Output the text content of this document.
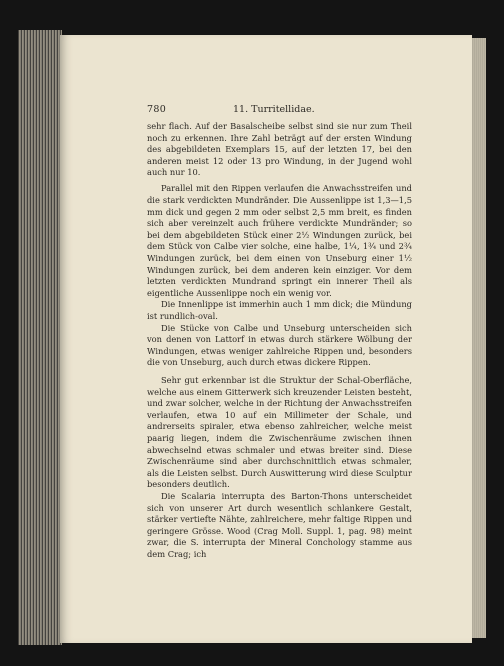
780	11. Turritellidae.

sehr flach. Auf der Basalscheibe selbst sind sie nur zum Theil noch zu erkennen. Ihre Zahl beträgt auf der ersten Windung des abgebildeten Exemplars 15, auf der letzten 17, bei den anderen meist 12 oder 13 pro Windung, in der Jugend wohl auch nur 10.

Parallel mit den Rippen verlaufen die Anwachsstreifen und die stark verdickten Mundränder. Die Aussenlippe ist 1,3—1,5 mm dick und gegen 2 mm oder selbst 2,5 mm breit, es finden sich aber vereinzelt auch frühere verdickte Mundränder; so bei dem abgebildeten Stück einer 2½ Windungen zurück, bei dem Stück von Calbe vier solche, eine halbe, 1¼, 1¾ und 2¾ Windungen zurück, bei dem einen von Unseburg einer 1½ Windungen zurück, bei dem anderen kein einziger. Vor dem letzten verdickten Mundrand springt ein innerer Theil als eigentliche Aussenlippe noch ein wenig vor.

Die Innenlippe ist immerhin auch 1 mm dick; die Mündung ist rundlich-oval.

Die Stücke von Calbe und Unseburg unterscheiden sich von denen von Lattorf in etwas durch stärkere Wölbung der Windungen, etwas weniger zahlreiche Rippen und, besonders die von Unseburg, auch durch etwas dickere Rippen.

Sehr gut erkennbar ist die Struktur der Schal-Oberfläche, welche aus einem Gitterwerk sich kreuzender Leisten besteht, und zwar solcher, welche in der Richtung der Anwachsstreifen verlaufen, etwa 10 auf ein Millimeter der Schale, und andrerseits spiraler, etwa ebenso zahlreicher, welche meist paarig liegen, indem die Zwischenräume zwischen ihnen abwechselnd etwas schmaler und etwas breiter sind. Diese Zwischenräume sind aber durchschnittlich etwas schmaler, als die Leisten selbst. Durch Auswitterung wird diese Sculptur besonders deutlich.

Die Scalaria interrupta des Barton-Thons unterscheidet sich von unserer Art durch wesentlich schlankere Gestalt, stärker vertiefte Nähte, zahlreichere, mehr faltige Rippen und geringere Grösse. Wood (Crag Moll. Suppl. 1, pag. 98) meint zwar, die S. interrupta der Mineral Conchology stamme aus dem Crag; ich
